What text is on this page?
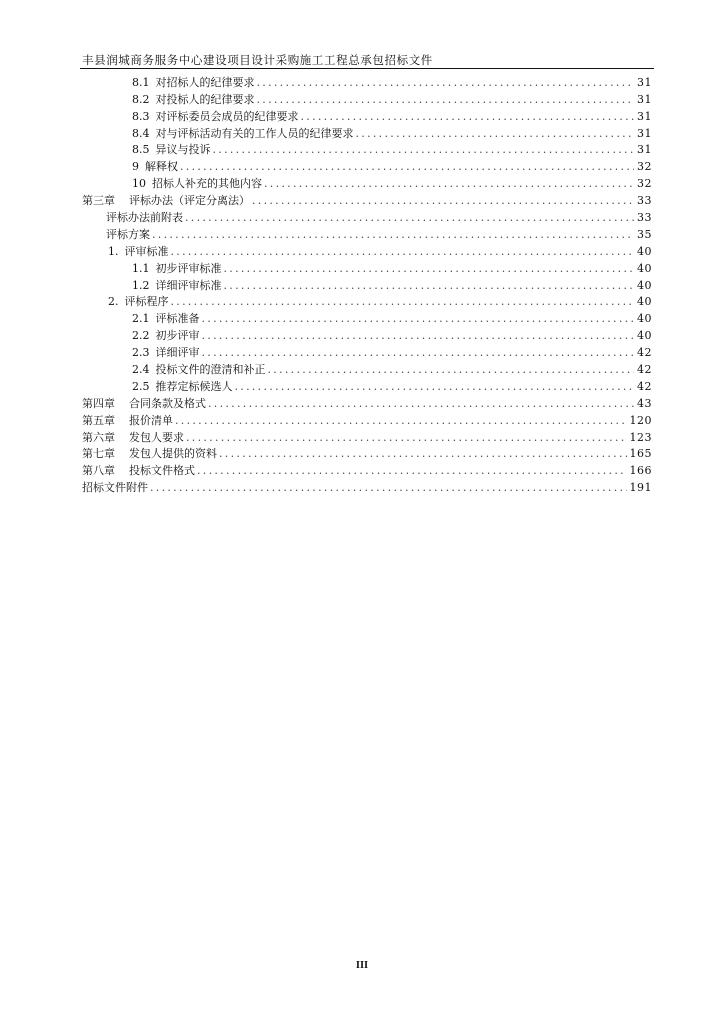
丰县润城商务服务中心建设项目设计采购施工工程总承包招标文件
8.1 对招标人的纪律要求 .....	31
8.2 对投标人的纪律要求 .....	31
8.3 对评标委员会成员的纪律要求 .....	31
8.4 对与评标活动有关的工作人员的纪律要求 .....	31
8.5 异议与投诉 .....	31
9 解释权 .....	32
10 招标人补充的其他内容 .....	32
第三章 评标办法（评定分离法） .....	33
评标办法前附表 .....	33
评标方案 .....	35
1. 评审标准 .....	40
1.1 初步评审标准 .....	40
1.2 详细评审标准 .....	40
2. 评标程序 .....	40
2.1 评标准备 .....	40
2.2 初步评审 .....	40
2.3 详细评审 .....	42
2.4 投标文件的澄清和补正 .....	42
2.5 推荐定标候选人 .....	42
第四章 合同条款及格式 .....	43
第五章 报价清单 .....	120
第六章 发包人要求 .....	123
第七章 发包人提供的资料 .....	165
第八章 投标文件格式 .....	166
招标文件附件 .....	191
III
